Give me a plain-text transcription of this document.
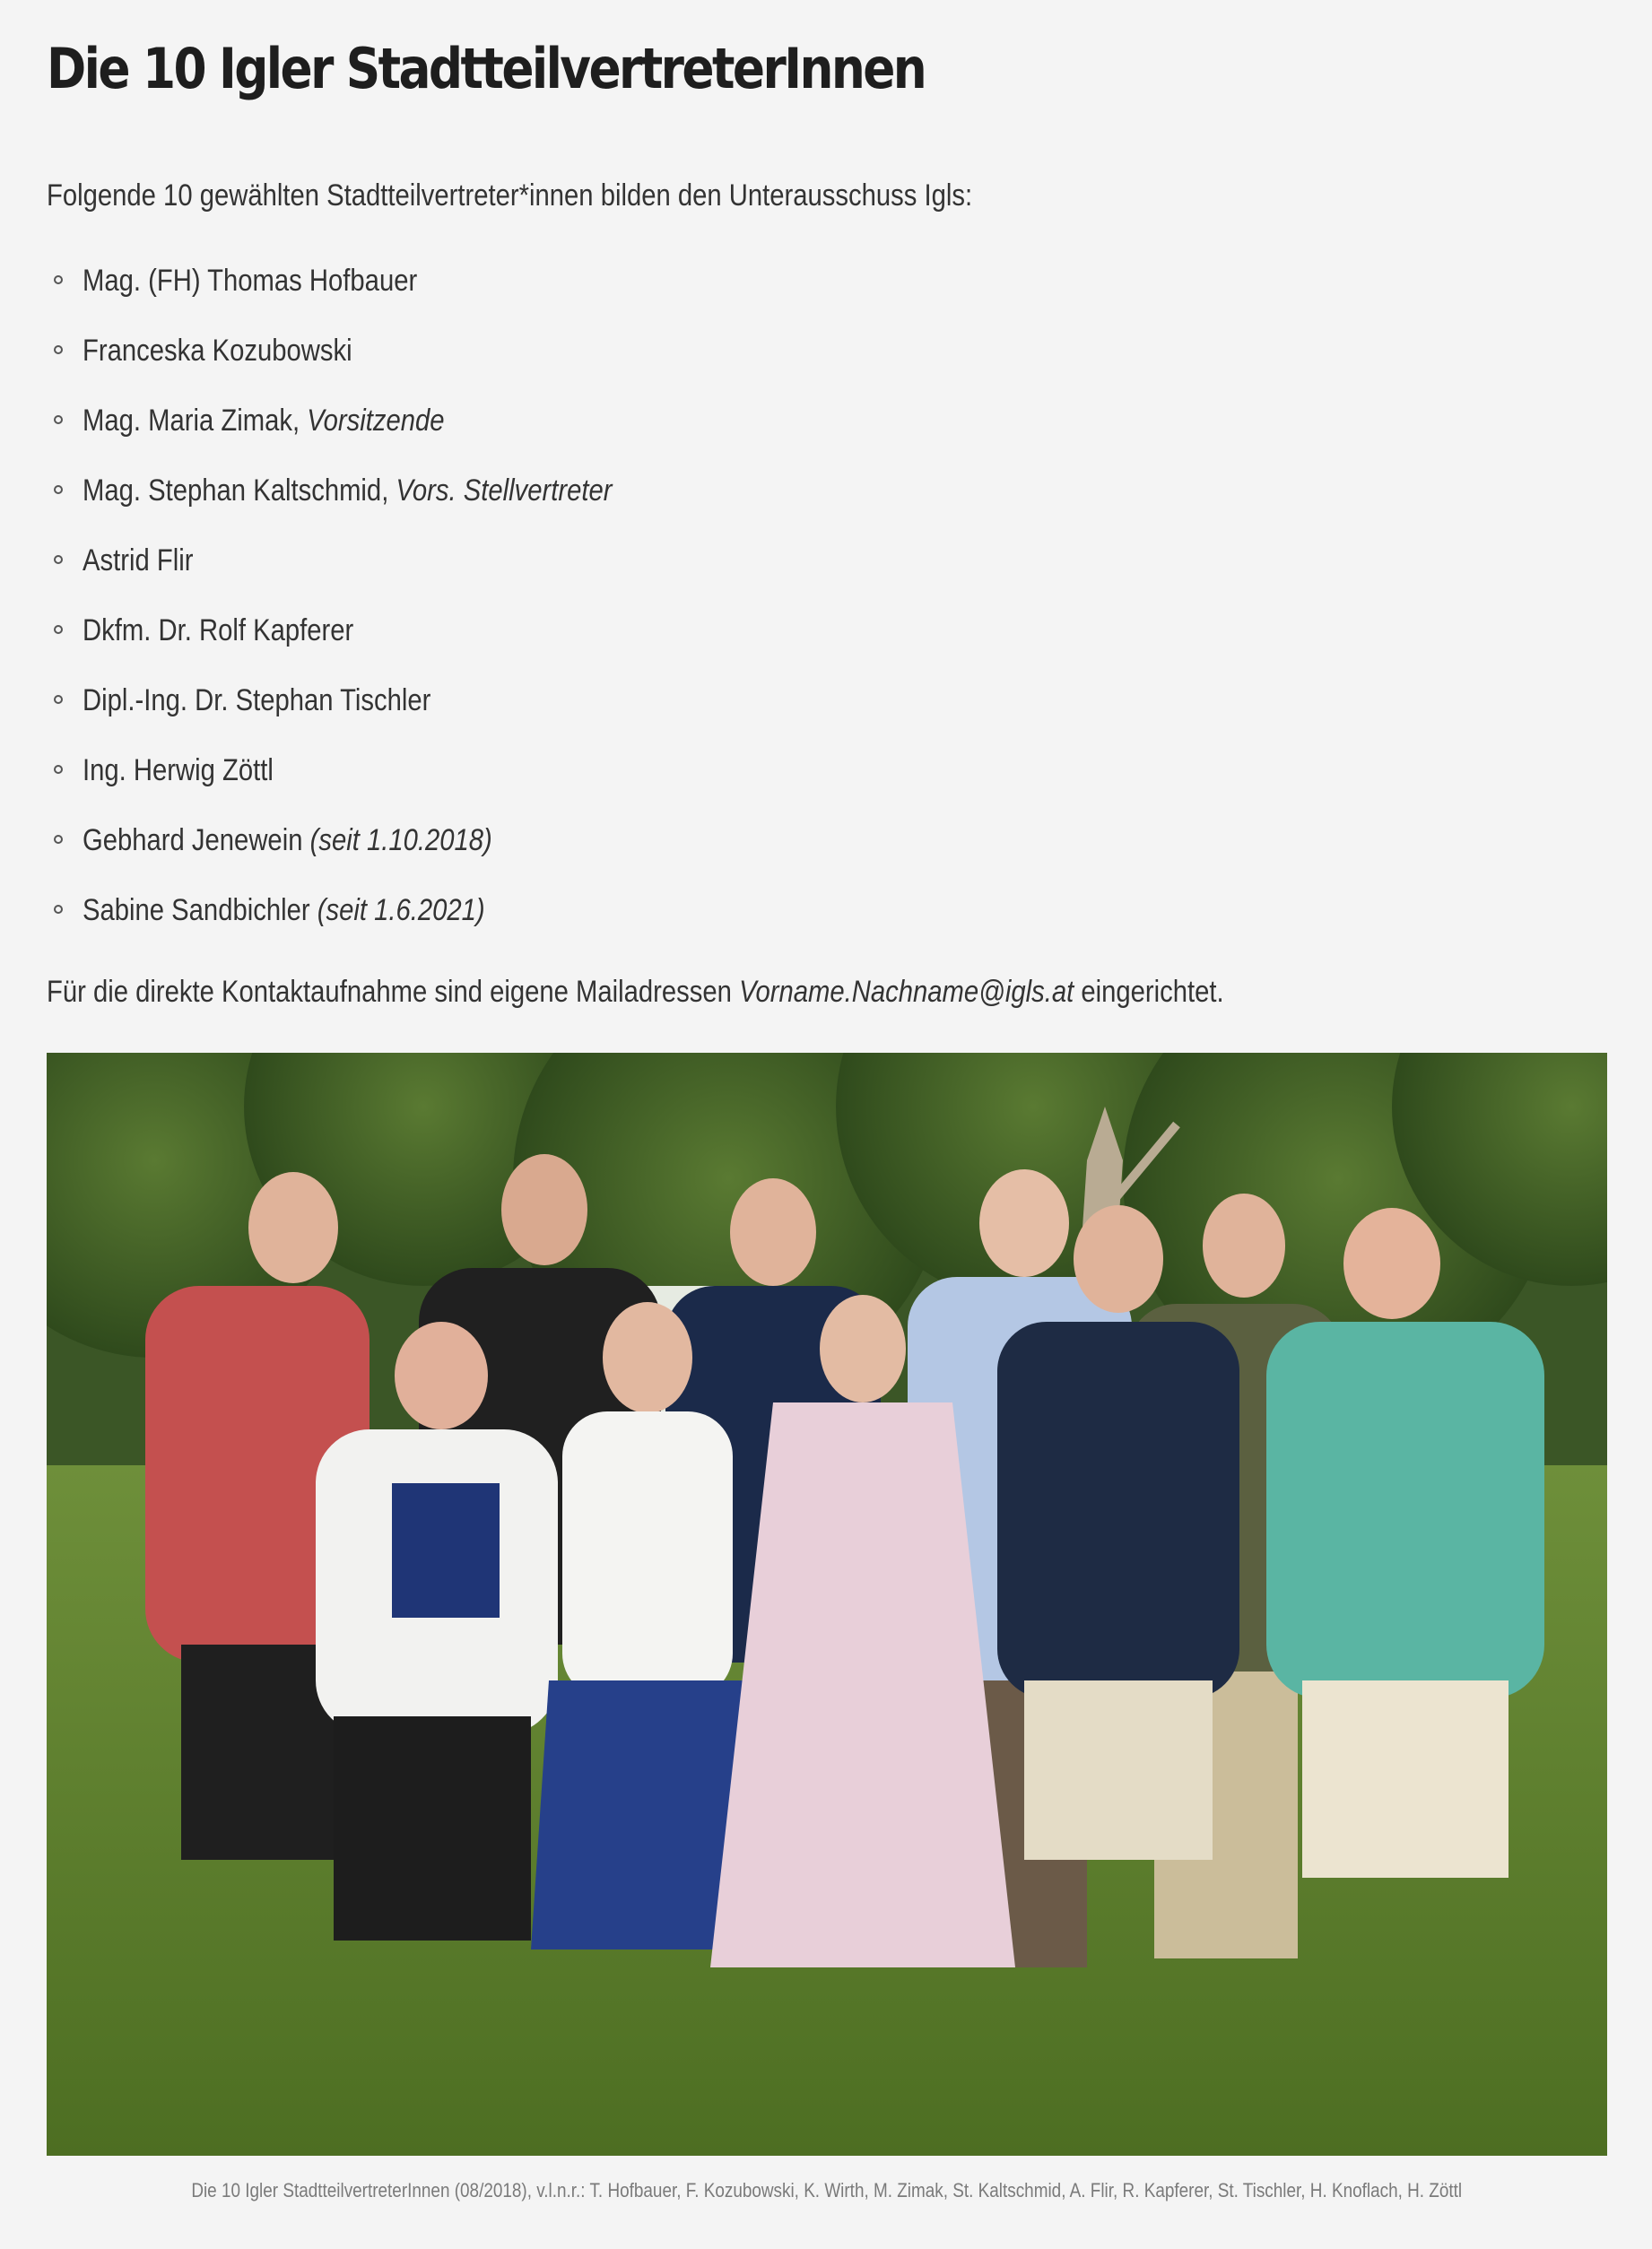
Die 10 Igler StadtteilvertreterInnen

Folgende 10 gewählten Stadtteilvertreter*innen bilden den Unterausschuss Igls:

Mag. (FH) Thomas Hofbauer
Franceska Kozubowski
Mag. Maria Zimak, Vorsitzende
Mag. Stephan Kaltschmid, Vors. Stellvertreter
Astrid Flir
Dkfm. Dr. Rolf Kapferer
Dipl.-Ing. Dr. Stephan Tischler
Ing. Herwig Zöttl
Gebhard Jenewein (seit 1.10.2018)
Sabine Sandbichler (seit 1.6.2021)

Für die direkte Kontaktaufnahme sind eigene Mailadressen Vorname.Nachname@igls.at eingerichtet.

Die 10 Igler StadtteilvertreterInnen (08/2018), v.l.n.r.: T. Hofbauer, F. Kozubowski, K. Wirth, M. Zimak, St. Kaltschmid, A. Flir, R. Kapferer, St. Tischler, H. Knoflach, H. Zöttl
